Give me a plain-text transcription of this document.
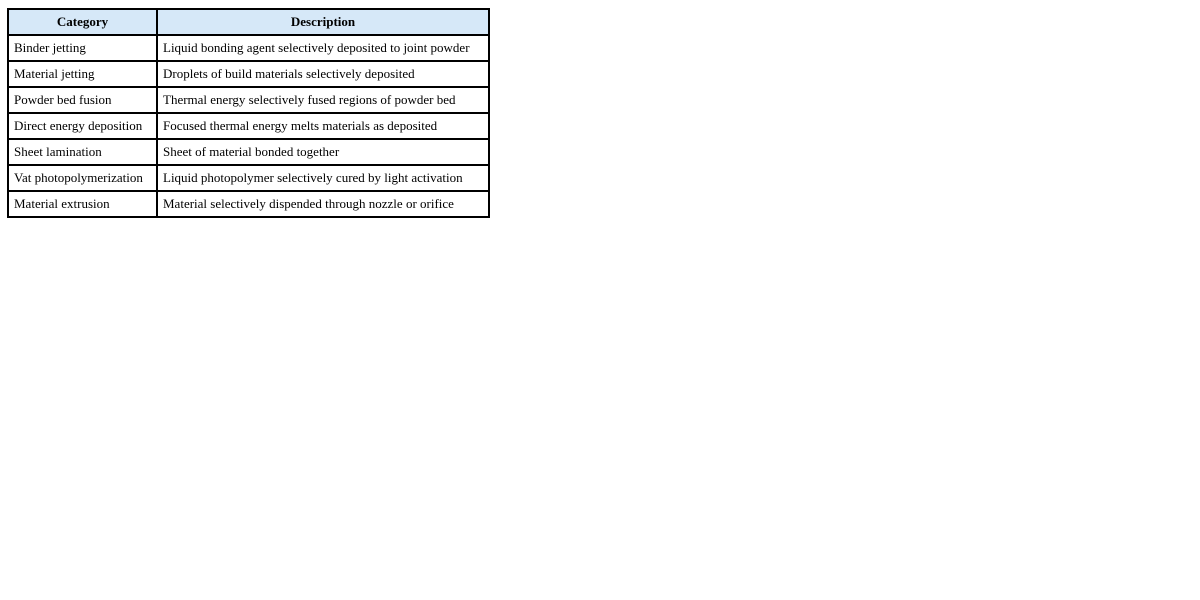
Category	Description
Binder jetting	Liquid bonding agent selectively deposited to joint powder
Material jetting	Droplets of build materials selectively deposited
Powder bed fusion	Thermal energy selectively fused regions of powder bed
Direct energy deposition	Focused thermal energy melts materials as deposited
Sheet lamination	Sheet of material bonded together
Vat photopolymerization	Liquid photopolymer selectively cured by light activation
Material extrusion	Material selectively dispended through nozzle or orifice
